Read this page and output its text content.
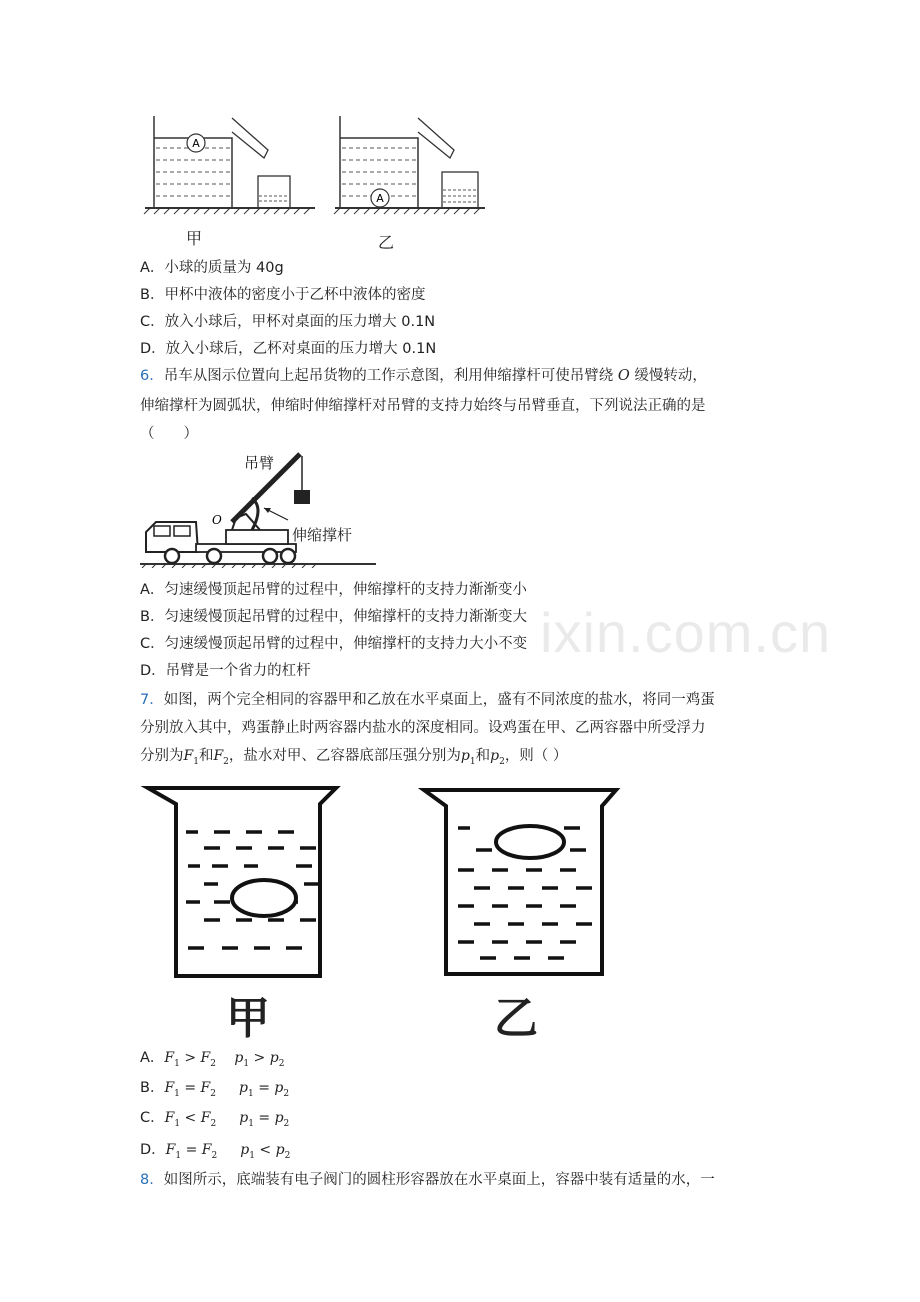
A
A
甲	乙
A．小球的质量为 40g
B．甲杯中液体的密度小于乙杯中液体的密度
C．放入小球后，甲杯对桌面的压力增大 0.1N
D．放入小球后，乙杯对桌面的压力增大 0.1N
6．吊车从图示位置向上起吊货物的工作示意图，利用伸缩撑杆可使吊臂绕 O 缓慢转动，
伸缩撑杆为圆弧状，伸缩时伸缩撑杆对吊臂的支持力始终与吊臂垂直，下列说法正确的是
（　　）
O
吊臂
伸缩撑杆
A．匀速缓慢顶起吊臂的过程中，伸缩撑杆的支持力渐渐变小
B．匀速缓慢顶起吊臂的过程中，伸缩撑杆的支持力渐渐变大
C．匀速缓慢顶起吊臂的过程中，伸缩撑杆的支持力大小不变
D．吊臂是一个省力的杠杆
7．如图，两个完全相同的容器甲和乙放在水平桌面上，盛有不同浓度的盐水，将同一鸡蛋
分别放入其中，鸡蛋静止时两容器内盐水的深度相同。设鸡蛋在甲、乙两容器中所受浮力
分别为$F_1$和$F_2$，盐水对甲、乙容器底部压强分别为$p_1$和$p_2$，则（ ）
甲	乙
A．$F_1 > F_2$ $p_1 > p_2$
B．$F_1 = F_2$ $p_1 = p_2$
C．$F_1 < F_2$ $p_1 = p_2$
D．$F_1 = F_2$ $p_1 < p_2$
8．如图所示，底端装有电子阀门的圆柱形容器放在水平桌面上，容器中装有适量的水，一
ixin.com.cn
